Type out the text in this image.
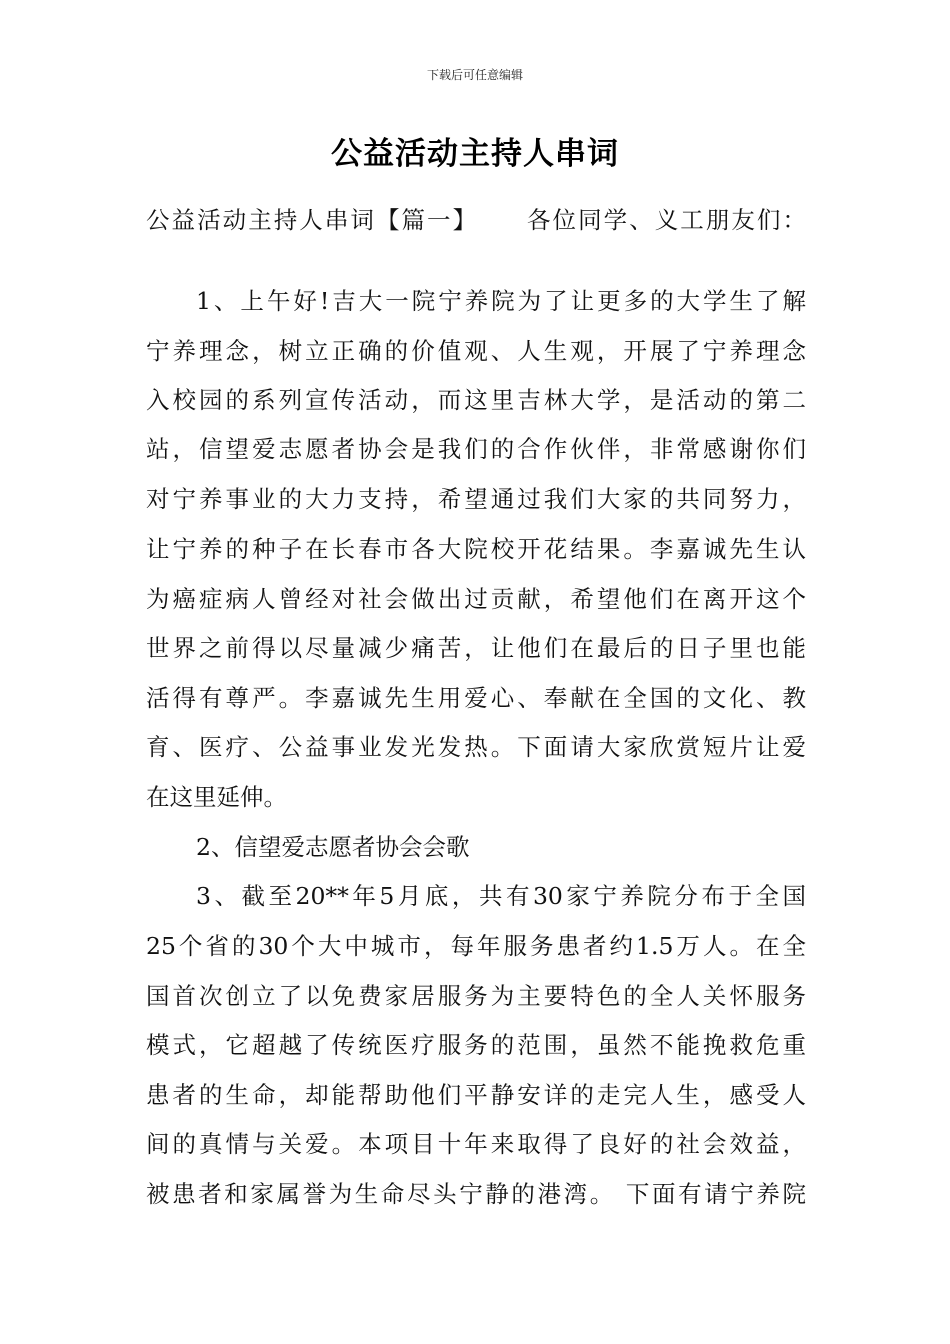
下载后可任意编辑
公益活动主持人串词
公益活动主持人串词【篇一】　　 各位同学、义工朋友们：
1、上午好!吉大一院宁养院为了让更多的大学生了解
宁养理念，树立正确的价值观、人生观，开展了宁养理念
入校园的系列宣传活动，而这里吉林大学，是活动的第二
站，信望爱志愿者协会是我们的合作伙伴，非常感谢你们
对宁养事业的大力支持，希望通过我们大家的共同努力，
让宁养的种子在长春市各大院校开花结果。李嘉诚先生认
为癌症病人曾经对社会做出过贡献，希望他们在离开这个
世界之前得以尽量减少痛苦，让他们在最后的日子里也能
活得有尊严。李嘉诚先生用爱心、奉献在全国的文化、教
育、医疗、公益事业发光发热。下面请大家欣赏短片让爱
在这里延伸。
2、信望爱志愿者协会会歌
3、截至20**年5月底，共有30家宁养院分布于全国
25个省的30个大中城市，每年服务患者约1.5万人。在全
国首次创立了以免费家居服务为主要特色的全人关怀服务
模式，它超越了传统医疗服务的范围，虽然不能挽救危重
患者的生命，却能帮助他们平静安详的走完人生，感受人
间的真情与关爱。本项目十年来取得了良好的社会效益，
被患者和家属誉为生命尽头宁静的港湾。 下面有请宁养院
